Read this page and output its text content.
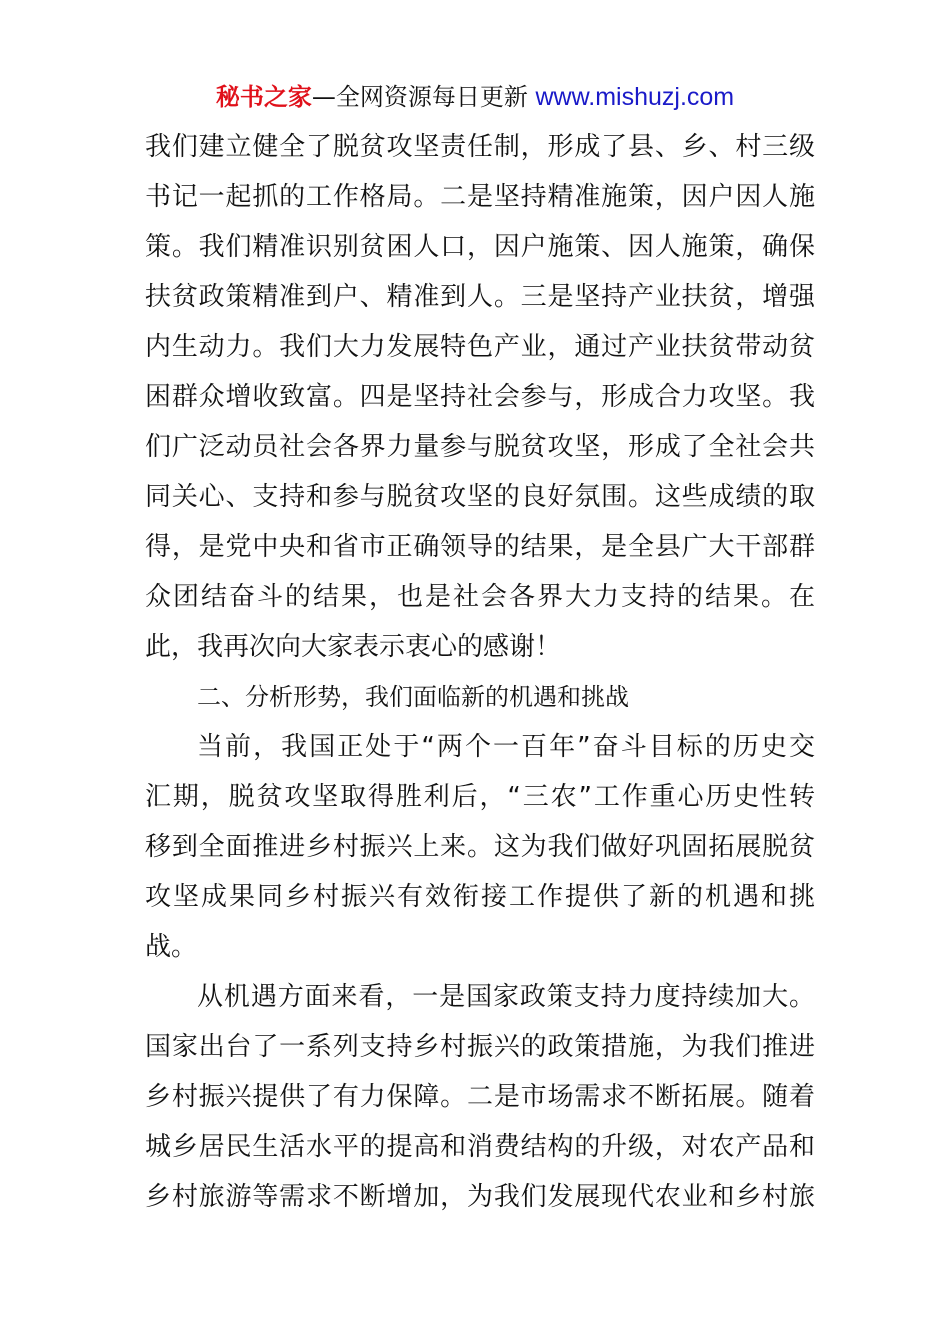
秘书之家—全网资源每日更新 www.mishuzj.com
我们建立健全了脱贫攻坚责任制，形成了县、乡、村三级
书记一起抓的工作格局。二是坚持精准施策，因户因人施
策。我们精准识别贫困人口，因户施策、因人施策，确保
扶贫政策精准到户、精准到人。三是坚持产业扶贫，增强
内生动力。我们大力发展特色产业，通过产业扶贫带动贫
困群众增收致富。四是坚持社会参与，形成合力攻坚。我
们广泛动员社会各界力量参与脱贫攻坚，形成了全社会共
同关心、支持和参与脱贫攻坚的良好氛围。这些成绩的取
得，是党中央和省市正确领导的结果，是全县广大干部群
众团结奋斗的结果，也是社会各界大力支持的结果。在
此，我再次向大家表示衷心的感谢！
二、分析形势，我们面临新的机遇和挑战
当前，我国正处于“两个一百年”奋斗目标的历史交
汇期，脱贫攻坚取得胜利后，“三农”工作重心历史性转
移到全面推进乡村振兴上来。这为我们做好巩固拓展脱贫
攻坚成果同乡村振兴有效衔接工作提供了新的机遇和挑
战。
从机遇方面来看，一是国家政策支持力度持续加大。
国家出台了一系列支持乡村振兴的政策措施，为我们推进
乡村振兴提供了有力保障。二是市场需求不断拓展。随着
城乡居民生活水平的提高和消费结构的升级，对农产品和
乡村旅游等需求不断增加，为我们发展现代农业和乡村旅
